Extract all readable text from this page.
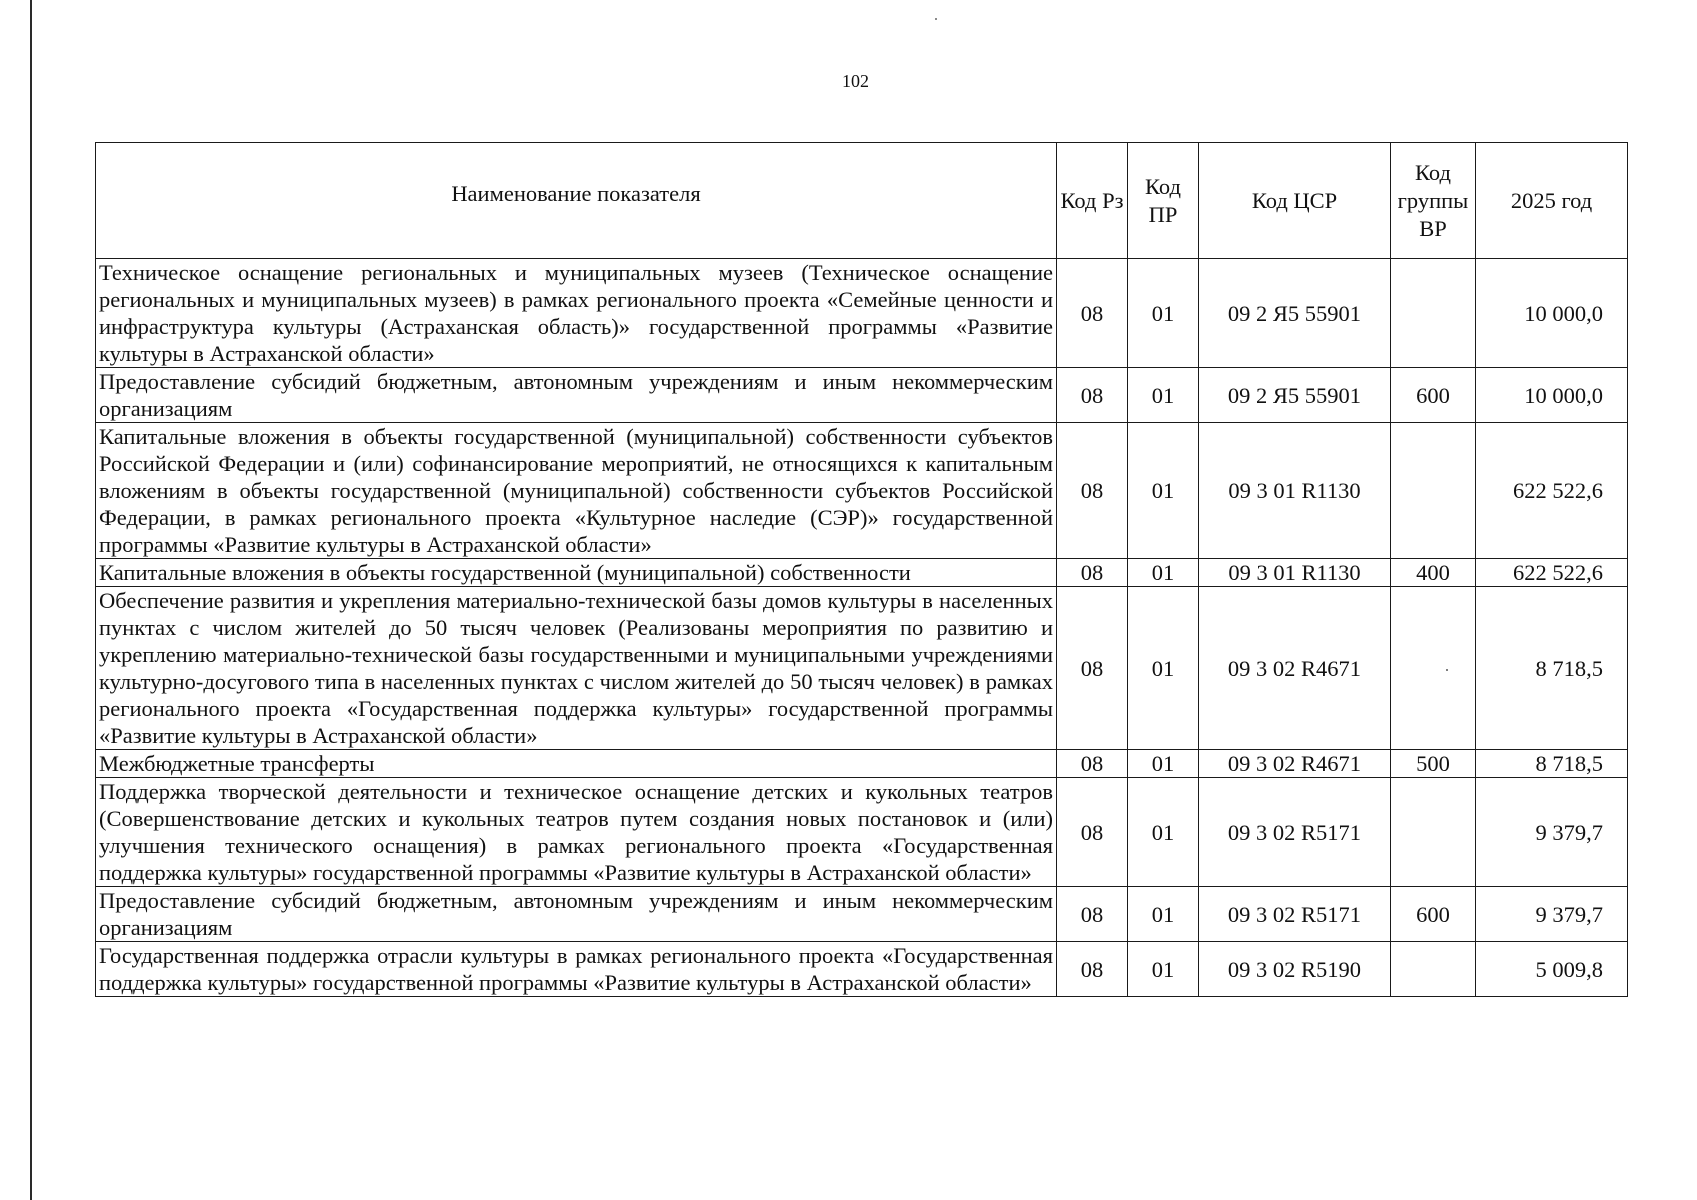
102
Наименование показателя	Код Рз	Код ПР	Код ЦСР	Код группы ВР	2025 год
Техническое оснащение региональных и муниципальных музеев (Техническое оснащение региональных и муниципальных музеев) в рамках регионального проекта «Семейные ценности и инфраструктура культуры (Астраханская область)» государственной программы «Развитие культуры в Астраханской области»	08	01	09 2 Я5 55901		10 000,0
Предоставление субсидий бюджетным, автономным учреждениям и иным некоммерческим организациям	08	01	09 2 Я5 55901	600	10 000,0
Капитальные вложения в объекты государственной (муниципальной) собственности субъектов Российской Федерации и (или) софинансирование мероприятий, не относящихся к капитальным вложениям в объекты государственной (муниципальной) собственности субъектов Российской Федерации, в рамках регионального проекта «Культурное наследие (СЭР)» государственной программы «Развитие культуры в Астраханской области»	08	01	09 3 01 R1130		622 522,6
Капитальные вложения в объекты государственной (муниципальной) собственности	08	01	09 3 01 R1130	400	622 522,6
Обеспечение развития и укрепления материально-технической базы домов культуры в населенных пунктах с числом жителей до 50 тысяч человек (Реализованы мероприятия по развитию и укреплению материально-технической базы государственными и муниципальными учреждениями культурно-досугового типа в населенных пунктах с числом жителей до 50 тысяч человек) в рамках регионального проекта «Государственная поддержка культуры» государственной программы «Развитие культуры в Астраханской области»	08	01	09 3 02 R4671		8 718,5
Межбюджетные трансферты	08	01	09 3 02 R4671	500	8 718,5
Поддержка творческой деятельности и техническое оснащение детских и кукольных театров (Совершенствование детских и кукольных театров путем создания новых постановок и (или) улучшения технического оснащения) в рамках регионального проекта «Государственная поддержка культуры» государственной программы «Развитие культуры в Астраханской области»	08	01	09 3 02 R5171		9 379,7
Предоставление субсидий бюджетным, автономным учреждениям и иным некоммерческим организациям	08	01	09 3 02 R5171	600	9 379,7
Государственная поддержка отрасли культуры в рамках регионального проекта «Государственная поддержка культуры» государственной программы «Развитие культуры в Астраханской области»	08	01	09 3 02 R5190		5 009,8
